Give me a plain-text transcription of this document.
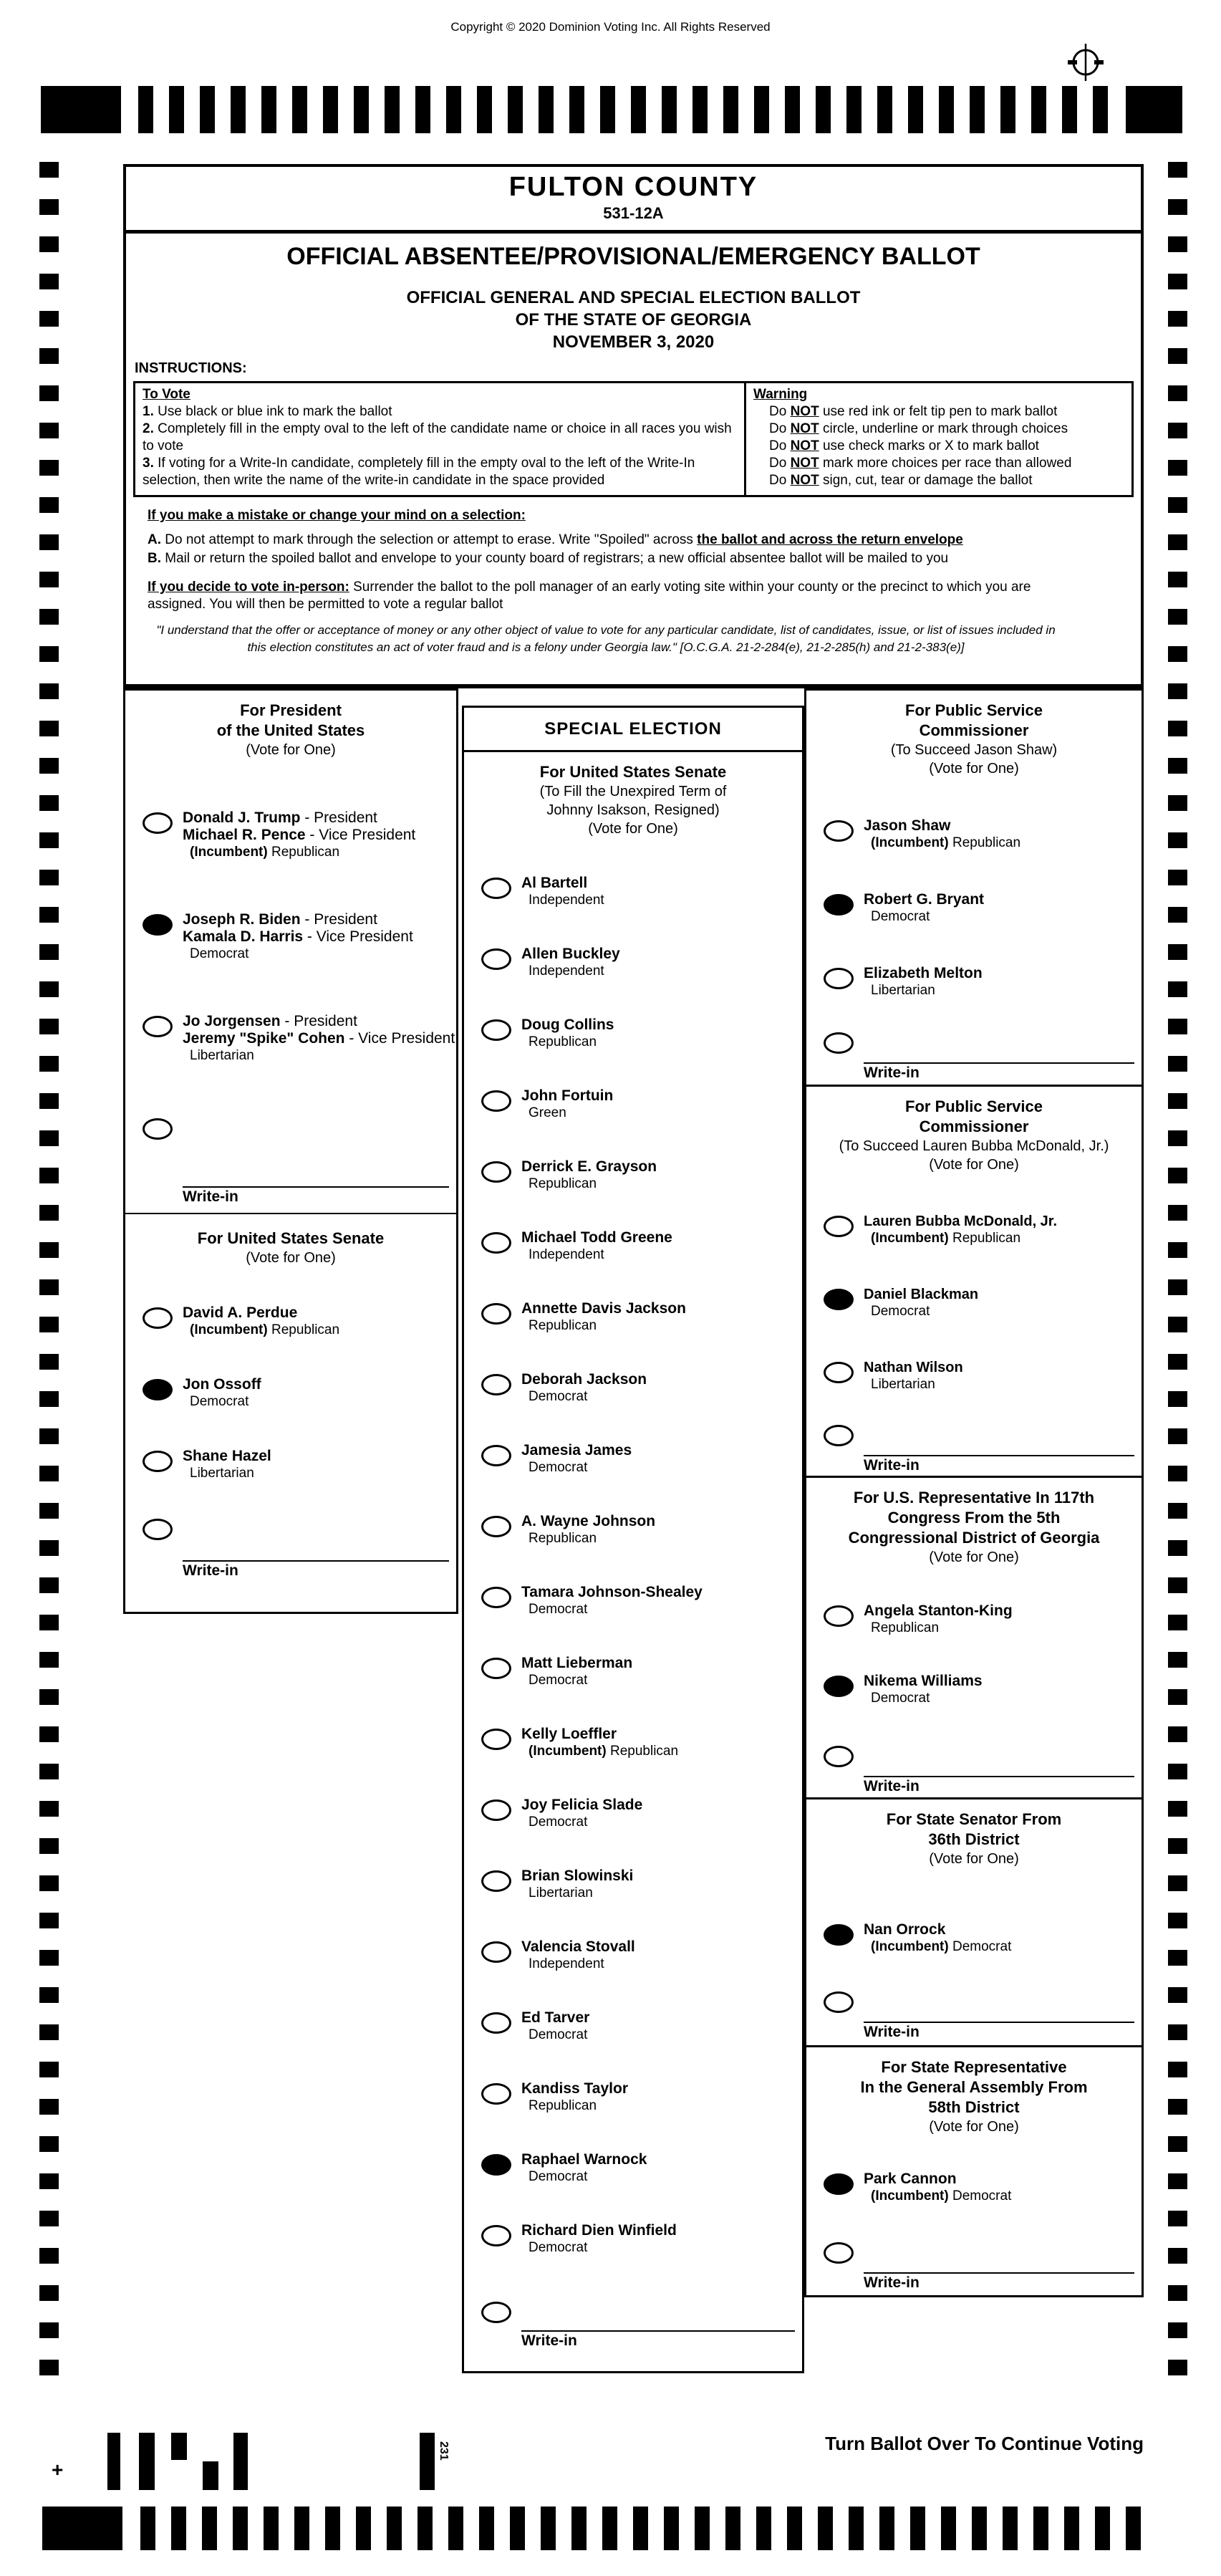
Copyright © 2020 Dominion Voting Inc. All Rights Reserved
FULTON COUNTY
531-12A
OFFICIAL ABSENTEE/PROVISIONAL/EMERGENCY BALLOT
OFFICIAL GENERAL AND SPECIAL ELECTION BALLOT
OF THE STATE OF GEORGIA
NOVEMBER 3, 2020
INSTRUCTIONS:
To Vote
1. Use black or blue ink to mark the ballot
2. Completely fill in the empty oval to the left of the candidate name or choice in all races you wish to vote
3. If voting for a Write-In candidate, completely fill in the empty oval to the left of the Write-In selection, then write the name of the write-in candidate in the space provided
Warning
Do NOT use red ink or felt tip pen to mark ballot
Do NOT circle, underline or mark through choices
Do NOT use check marks or X to mark ballot
Do NOT mark more choices per race than allowed
Do NOT sign, cut, tear or damage the ballot
If you make a mistake or change your mind on a selection:
A. Do not attempt to mark through the selection or attempt to erase. Write "Spoiled" across the ballot and across the return envelope
B. Mail or return the spoiled ballot and envelope to your county board of registrars; a new official absentee ballot will be mailed to you
If you decide to vote in-person: Surrender the ballot to the poll manager of an early voting site within your county or the precinct to which you are assigned. You will then be permitted to vote a regular ballot
"I understand that the offer or acceptance of money or any other object of value to vote for any particular candidate, list of candidates, issue, or list of issues included in this election constitutes an act of voter fraud and is a felony under Georgia law." [O.C.G.A. 21-2-284(e), 21-2-285(h) and 21-2-383(e)]
For President
of the United States
(Vote for One)
Donald J. Trump - President
Michael R. Pence - Vice President
(Incumbent) Republican
Joseph R. Biden - President
Kamala D. Harris - Vice President
Democrat
Jo Jorgensen - President
Jeremy "Spike" Cohen - Vice President
Libertarian
Write-in
For United States Senate
(Vote for One)
David A. Perdue
(Incumbent) Republican
Jon Ossoff
Democrat
Shane Hazel
Libertarian
Write-in
SPECIAL ELECTION
For United States Senate
(To Fill the Unexpired Term of
Johnny Isakson, Resigned)
(Vote for One)
Al Bartell
Independent
Allen Buckley
Independent
Doug Collins
Republican
John Fortuin
Green
Derrick E. Grayson
Republican
Michael Todd Greene
Independent
Annette Davis Jackson
Republican
Deborah Jackson
Democrat
Jamesia James
Democrat
A. Wayne Johnson
Republican
Tamara Johnson-Shealey
Democrat
Matt Lieberman
Democrat
Kelly Loeffler
(Incumbent) Republican
Joy Felicia Slade
Democrat
Brian Slowinski
Libertarian
Valencia Stovall
Independent
Ed Tarver
Democrat
Kandiss Taylor
Republican
Raphael Warnock
Democrat
Richard Dien Winfield
Democrat
Write-in
For Public Service
Commissioner
(To Succeed Jason Shaw)
(Vote for One)
Jason Shaw
(Incumbent) Republican
Robert G. Bryant
Democrat
Elizabeth Melton
Libertarian
Write-in
For Public Service
Commissioner
(To Succeed Lauren Bubba McDonald, Jr.)
(Vote for One)
Lauren Bubba McDonald, Jr.
(Incumbent) Republican
Daniel Blackman
Democrat
Nathan Wilson
Libertarian
Write-in
For U.S. Representative In 117th
Congress From the 5th
Congressional District of Georgia
(Vote for One)
Angela Stanton-King
Republican
Nikema Williams
Democrat
Write-in
For State Senator From
36th District
(Vote for One)
Nan Orrock
(Incumbent) Democrat
Write-in
For State Representative
In the General Assembly From
58th District
(Vote for One)
Park Cannon
(Incumbent) Democrat
Write-in
+
231	Turn Ballot Over To Continue Voting
